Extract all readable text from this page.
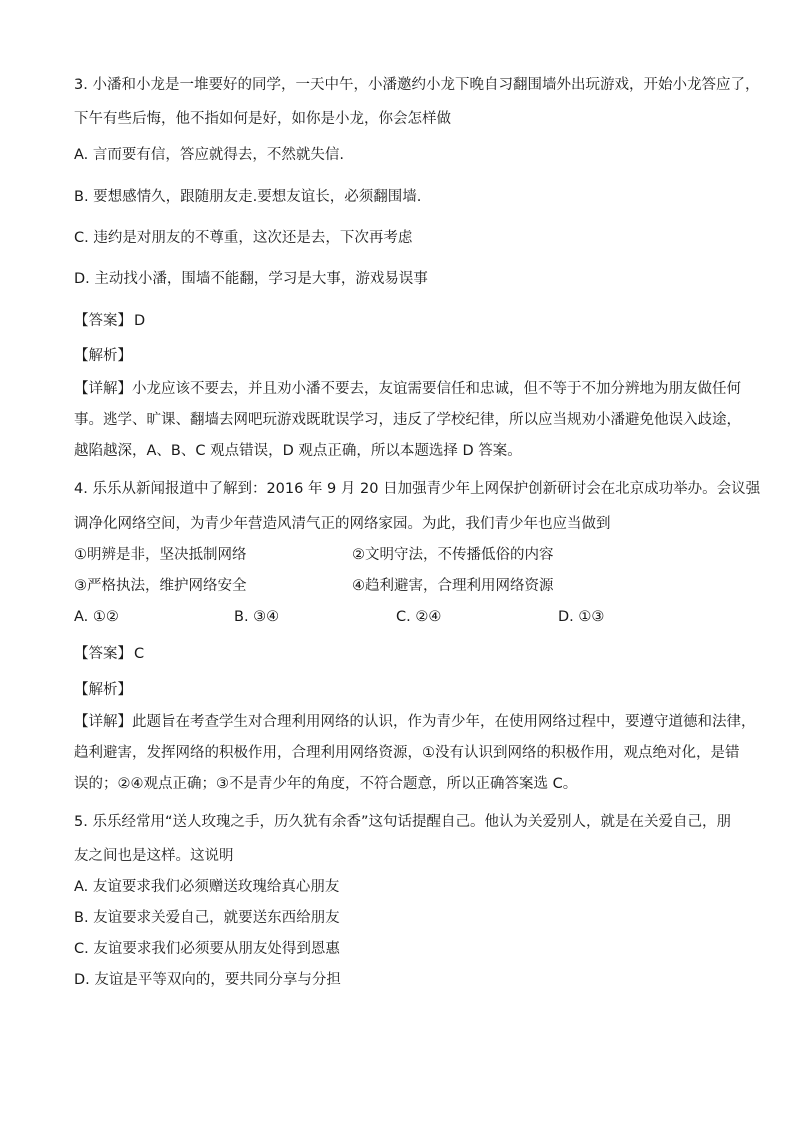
3. 小潘和小龙是一堆要好的同学，一天中午，小潘邀约小龙下晚自习翻围墙外出玩游戏，开始小龙答应了，
下午有些后悔，他不指如何是好，如你是小龙，你会怎样做
A. 言而要有信，答应就得去，不然就失信.
B. 要想感情久，跟随朋友走.要想友谊长，必须翻围墙.
C. 违约是对朋友的不尊重，这次还是去，下次再考虑
D. 主动找小潘，围墙不能翻，学习是大事，游戏易误事
【答案】 D
【解析】
【详解】小龙应该不要去，并且劝小潘不要去，友谊需要信任和忠诚，但不等于不加分辨地为朋友做任何
事。逃学、旷课、翻墙去网吧玩游戏既耽误学习，违反了学校纪律，所以应当规劝小潘避免他误入歧途，
越陷越深，A、B、C 观点错误，D 观点正确，所以本题选择 D 答案。
4. 乐乐从新闻报道中了解到：2016 年 9 月 20 日加强青少年上网保护创新研讨会在北京成功举办。会议强
调净化网络空间，为青少年营造风清气正的网络家园。为此，我们青少年也应当做到
①明辨是非，坚决抵制网络	②文明守法，不传播低俗的内容
③严格执法，维护网络安全	④趋利避害，合理利用网络资源
A. ①②	B. ③④	C. ②④	D. ①③
【答案】 C
【解析】
【详解】此题旨在考查学生对合理利用网络的认识，作为青少年，在使用网络过程中，要遵守道德和法律，
趋利避害，发挥网络的积极作用，合理利用网络资源，①没有认识到网络的积极作用，观点绝对化，是错
误的；②④观点正确；③不是青少年的角度，不符合题意，所以正确答案选 C。
5. 乐乐经常用“送人玫瑰之手，历久犹有余香”这句话提醒自己。他认为关爱别人，就是在关爱自己，朋
友之间也是这样。这说明
A. 友谊要求我们必须赠送玫瑰给真心朋友
B. 友谊要求关爱自己，就要送东西给朋友
C. 友谊要求我们必须要从朋友处得到恩惠
D. 友谊是平等双向的，要共同分享与分担
